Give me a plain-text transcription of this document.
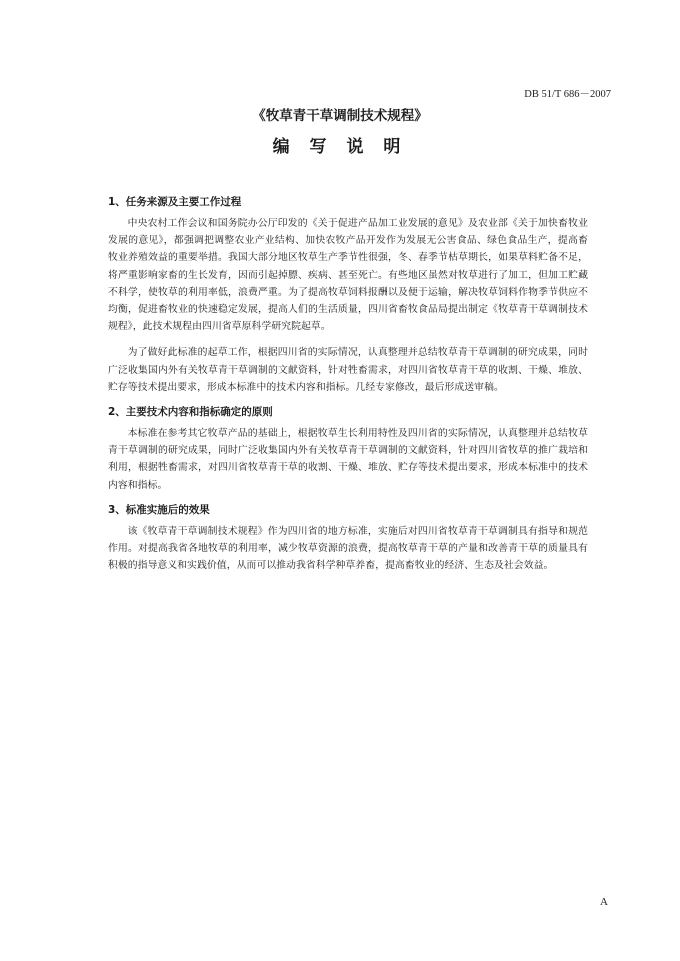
DB 51/T 686－2007
《牧草青干草调制技术规程》
编 写 说 明
1、任务来源及主要工作过程

中央农村工作会议和国务院办公厅印发的《关于促进产品加工业发展的意见》及农业部《关于加快畜牧业发展的意见》，都强调把调整农业产业结构、加快农牧产品开发作为发展无公害食品、绿色食品生产，提高畜牧业养殖效益的重要举措。我国大部分地区牧草生产季节性很强，冬、春季节枯草期长，如果草料贮备不足，将严重影响家畜的生长发育，因而引起掉膘、疾病、甚至死亡。有些地区虽然对牧草进行了加工，但加工贮藏不科学，使牧草的利用率低，浪费严重。为了提高牧草饲料报酬以及便于运输，解决牧草饲料作物季节供应不均衡，促进畜牧业的快速稳定发展，提高人们的生活质量，四川省畜牧食品局提出制定《牧草青干草调制技术规程》，此技术规程由四川省草原科学研究院起草。

为了做好此标准的起草工作，根据四川省的实际情况，认真整理并总结牧草青干草调制的研究成果，同时广泛收集国内外有关牧草青干草调制的文献资料，针对牲畜需求，对四川省牧草青干草的收割、干燥、堆放、贮存等技术提出要求，形成本标准中的技术内容和指标。几经专家修改，最后形成送审稿。

2、主要技术内容和指标确定的原则

本标准在参考其它牧草产品的基础上，根据牧草生长利用特性及四川省的实际情况，认真整理并总结牧草青干草调制的研究成果，同时广泛收集国内外有关牧草青干草调制的文献资料，针对四川省牧草的推广栽培和利用，根据牲畜需求，对四川省牧草青干草的收割、干燥、堆放、贮存等技术提出要求，形成本标准中的技术内容和指标。

3、标准实施后的效果

该《牧草青干草调制技术规程》作为四川省的地方标准，实施后对四川省牧草青干草调制具有指导和规范作用。对提高我省各地牧草的利用率，减少牧草资源的浪费，提高牧草青干草的产量和改善青干草的质量具有积极的指导意义和实践价值，从而可以推动我省科学种草养畜，提高畜牧业的经济、生态及社会效益。

A
